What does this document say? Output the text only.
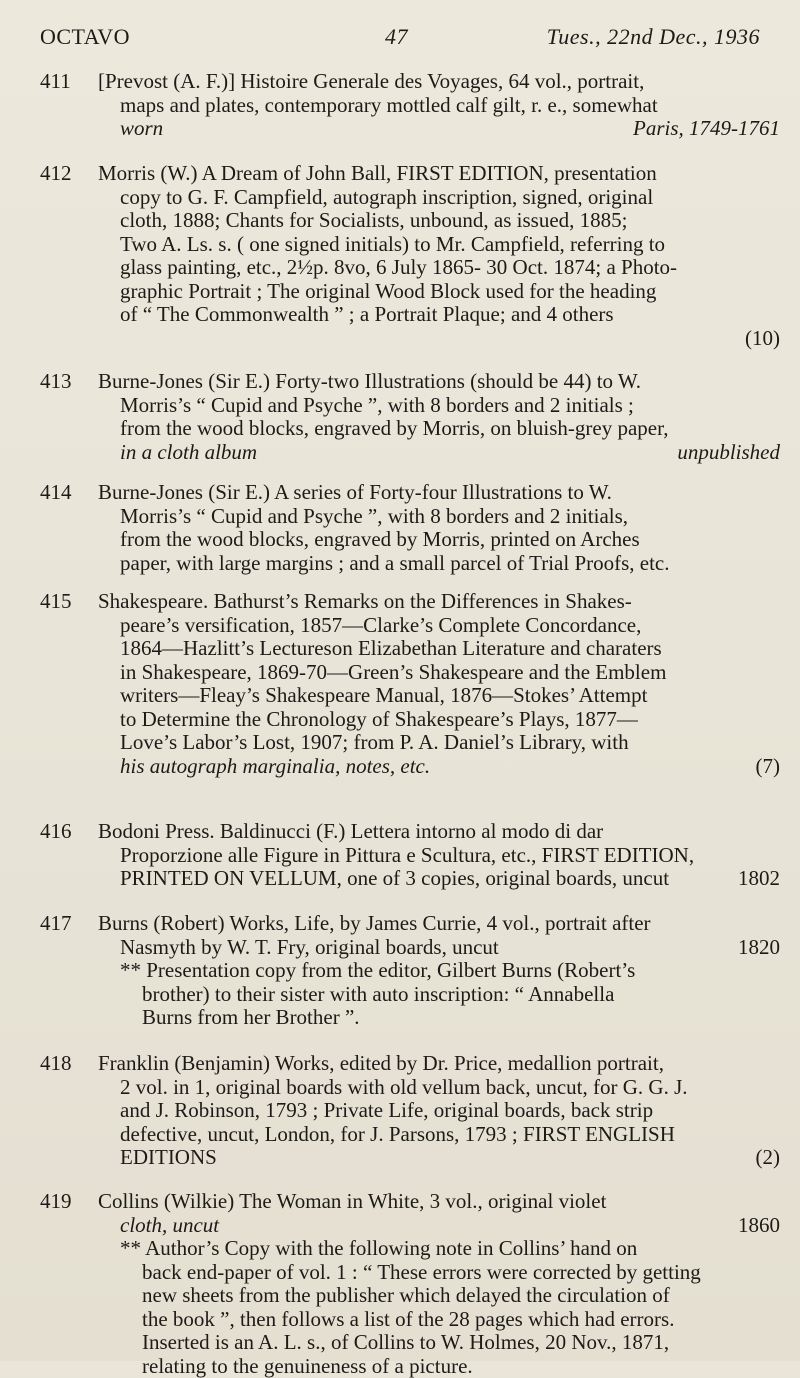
OCTAVO	47	Tues., 22nd Dec., 1936
411	[Prevost (A. F.)] Histoire Generale des Voyages, 64 vol., portrait,
maps and plates, contemporary mottled calf gilt, r. e., somewhat
worn	Paris, 1749-1761
412	Morris (W.) A Dream of John Ball, FIRST EDITION, presentation
copy to G. F. Campfield, autograph inscription, signed, original
cloth, 1888; Chants for Socialists, unbound, as issued, 1885;
Two A. Ls. s. ( one signed initials) to Mr. Campfield, referring to
glass painting, etc., 2½p. 8vo, 6 July 1865- 30 Oct. 1874; a Photo-
graphic Portrait ; The original Wood Block used for the heading
of “ The Commonwealth ” ; a Portrait Plaque; and 4 others
(10)
413	Burne-Jones (Sir E.) Forty-two Illustrations (should be 44) to W.
Morris’s “ Cupid and Psyche ”, with 8 borders and 2 initials ;
from the wood blocks, engraved by Morris, on bluish-grey paper,
in a cloth album	unpublished
414	Burne-Jones (Sir E.) A series of Forty-four Illustrations to W.
Morris’s “ Cupid and Psyche ”, with 8 borders and 2 initials,
from the wood blocks, engraved by Morris, printed on Arches
paper, with large margins ; and a small parcel of Trial Proofs, etc.
415	Shakespeare. Bathurst’s Remarks on the Differences in Shakes-
peare’s versification, 1857—Clarke’s Complete Concordance,
1864—Hazlitt’s Lectureson Elizabethan Literature and charaters
in Shakespeare, 1869-70—Green’s Shakespeare and the Emblem
writers—Fleay’s Shakespeare Manual, 1876—Stokes’ Attempt
to Determine the Chronology of Shakespeare’s Plays, 1877—
Love’s Labor’s Lost, 1907; from P. A. Daniel’s Library, with
his autograph marginalia, notes, etc.	(7)
416	Bodoni Press. Baldinucci (F.) Lettera intorno al modo di dar
Proporzione alle Figure in Pittura e Scultura, etc., FIRST EDITION,
PRINTED ON VELLUM, one of 3 copies, original boards, uncut	1802
417	Burns (Robert) Works, Life, by James Currie, 4 vol., portrait after
Nasmyth by W. T. Fry, original boards, uncut	1820
** Presentation copy from the editor, Gilbert Burns (Robert’s
brother) to their sister with auto inscription: “ Annabella
Burns from her Brother ”.
418	Franklin (Benjamin) Works, edited by Dr. Price, medallion portrait,
2 vol. in 1, original boards with old vellum back, uncut, for G. G. J.
and J. Robinson, 1793 ; Private Life, original boards, back strip
defective, uncut, London, for J. Parsons, 1793 ; FIRST ENGLISH
EDITIONS	(2)
419	Collins (Wilkie) The Woman in White, 3 vol., original violet
cloth, uncut	1860
** Author’s Copy with the following note in Collins’ hand on
back end-paper of vol. 1 : “ These errors were corrected by getting
new sheets from the publisher which delayed the circulation of
the book ”, then follows a list of the 28 pages which had errors.
Inserted is an A. L. s., of Collins to W. Holmes, 20 Nov., 1871,
relating to the genuineness of a picture.
